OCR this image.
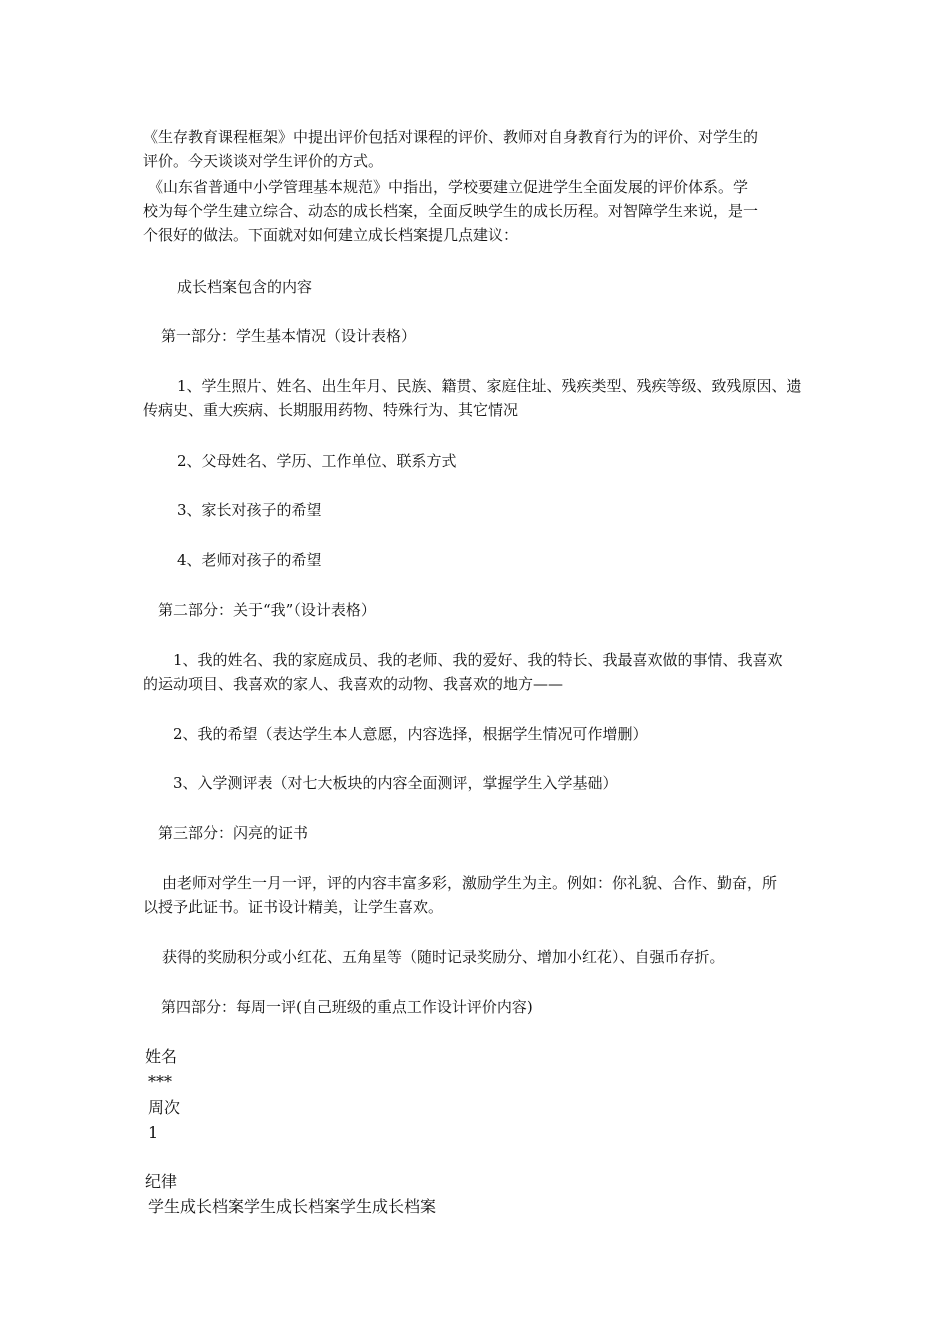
《生存教育课程框架》中提出评价包括对课程的评价、教师对自身教育行为的评价、对学生的
评价。今天谈谈对学生评价的方式。
《山东省普通中小学管理基本规范》中指出，学校要建立促进学生全面发展的评价体系。学
校为每个学生建立综合、动态的成长档案，全面反映学生的成长历程。对智障学生来说，是一
个很好的做法。下面就对如何建立成长档案提几点建议：
成长档案包含的内容
第一部分：学生基本情况（设计表格）
1、学生照片、姓名、出生年月、民族、籍贯、家庭住址、残疾类型、残疾等级、致残原因、遗
传病史、重大疾病、长期服用药物、特殊行为、其它情况
2、父母姓名、学历、工作单位、联系方式
3、家长对孩子的希望
4、老师对孩子的希望
第二部分：关于“我”（设计表格）
1、我的姓名、我的家庭成员、我的老师、我的爱好、我的特长、我最喜欢做的事情、我喜欢
的运动项目、我喜欢的家人、我喜欢的动物、我喜欢的地方——
2、我的希望（表达学生本人意愿，内容选择，根据学生情况可作增删）
3、入学测评表（对七大板块的内容全面测评，掌握学生入学基础）
第三部分：闪亮的证书
由老师对学生一月一评，评的内容丰富多彩，激励学生为主。例如：你礼貌、合作、勤奋，所
以授予此证书。证书设计精美，让学生喜欢。
获得的奖励积分或小红花、五角星等（随时记录奖励分、增加小红花）、自强币存折。
第四部分：每周一评(自己班级的重点工作设计评价内容)
姓名
***
周次
1
纪律
学生成长档案学生成长档案学生成长档案
